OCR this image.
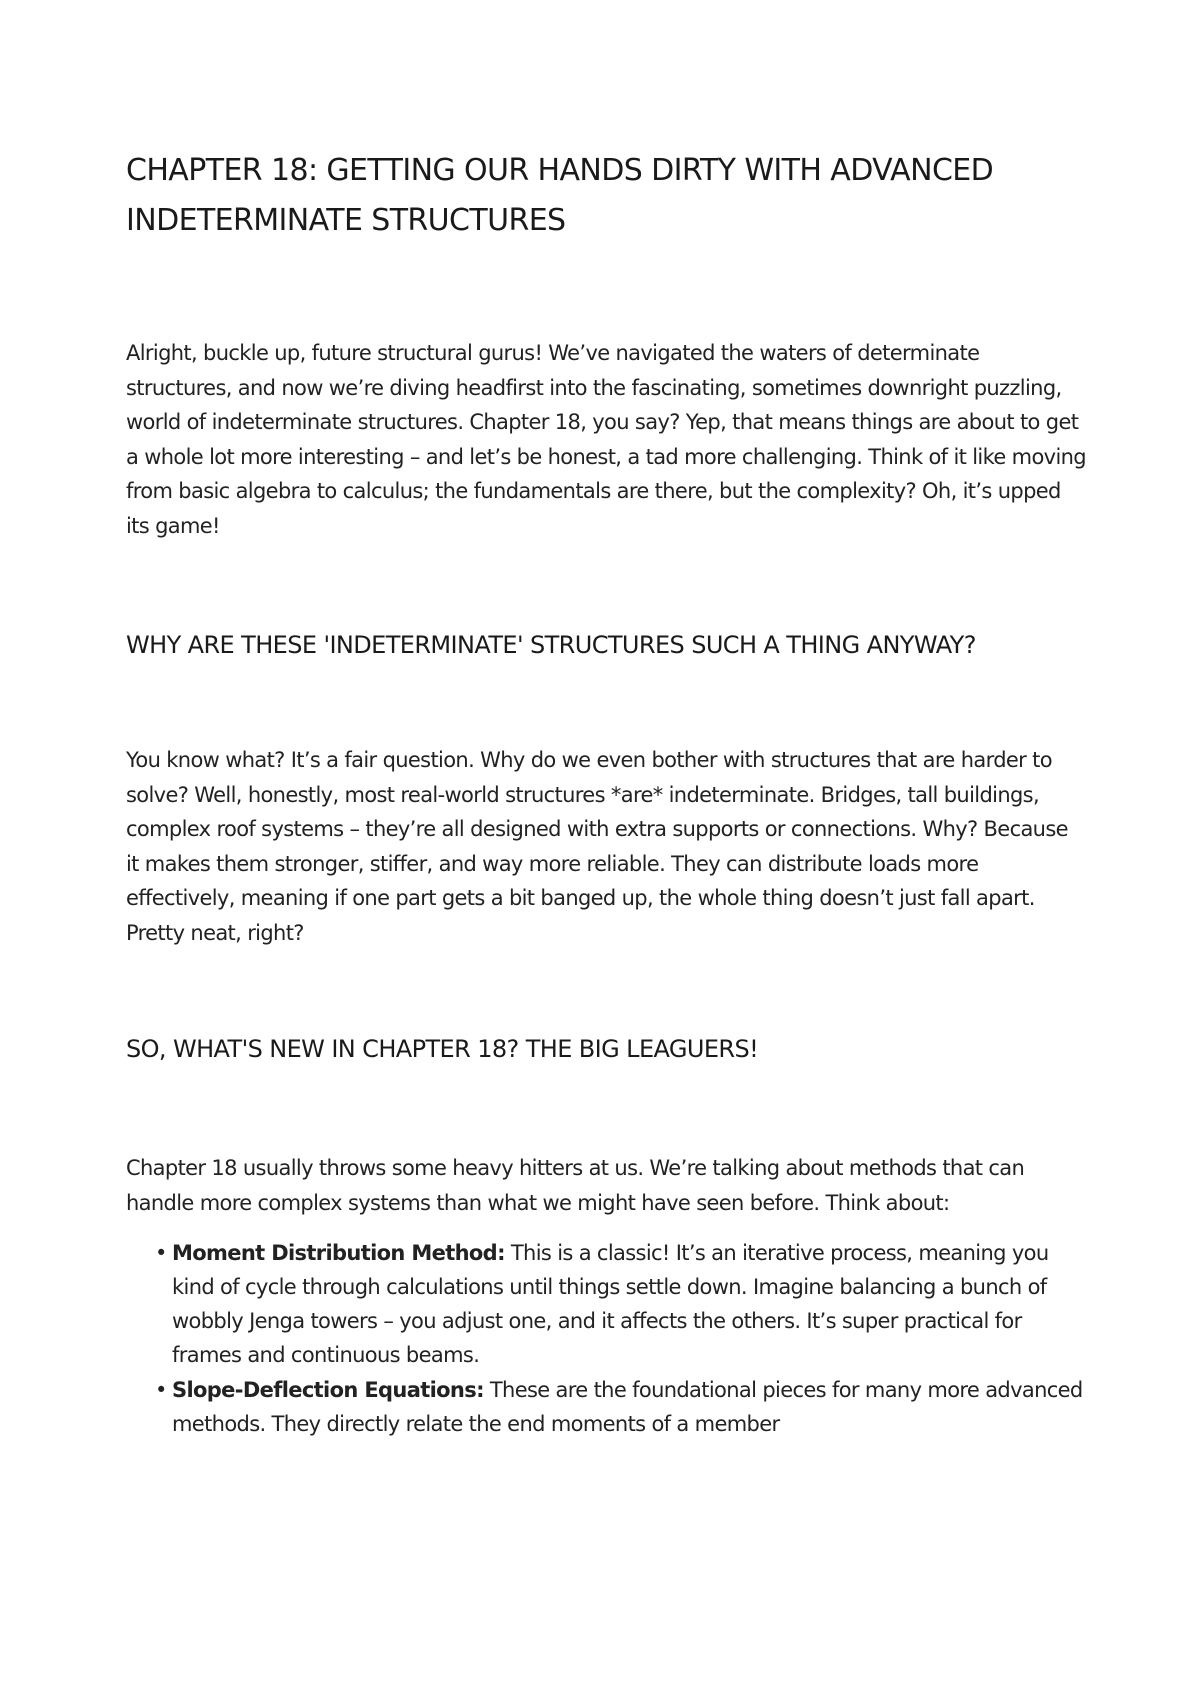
CHAPTER 18: GETTING OUR HANDS DIRTY WITH ADVANCED INDETERMINATE STRUCTURES

Alright, buckle up, future structural gurus! We’ve navigated the waters of determinate structures, and now we’re diving headfirst into the fascinating, sometimes downright puzzling, world of indeterminate structures. Chapter 18, you say? Yep, that means things are about to get a whole lot more interesting – and let’s be honest, a tad more challenging. Think of it like moving from basic algebra to calculus; the fundamentals are there, but the complexity? Oh, it’s upped its game!

WHY ARE THESE 'INDETERMINATE' STRUCTURES SUCH A THING ANYWAY?

You know what? It’s a fair question. Why do we even bother with structures that are harder to solve? Well, honestly, most real-world structures *are* indeterminate. Bridges, tall buildings, complex roof systems – they’re all designed with extra supports or connections. Why? Because it makes them stronger, stiffer, and way more reliable. They can distribute loads more effectively, meaning if one part gets a bit banged up, the whole thing doesn’t just fall apart. Pretty neat, right?

SO, WHAT'S NEW IN CHAPTER 18? THE BIG LEAGUERS!

Chapter 18 usually throws some heavy hitters at us. We’re talking about methods that can handle more complex systems than what we might have seen before. Think about:

• Moment Distribution Method: This is a classic! It’s an iterative process, meaning you kind of cycle through calculations until things settle down. Imagine balancing a bunch of wobbly Jenga towers – you adjust one, and it affects the others. It’s super practical for frames and continuous beams.
• Slope-Deflection Equations: These are the foundational pieces for many more advanced methods. They directly relate the end moments of a member
